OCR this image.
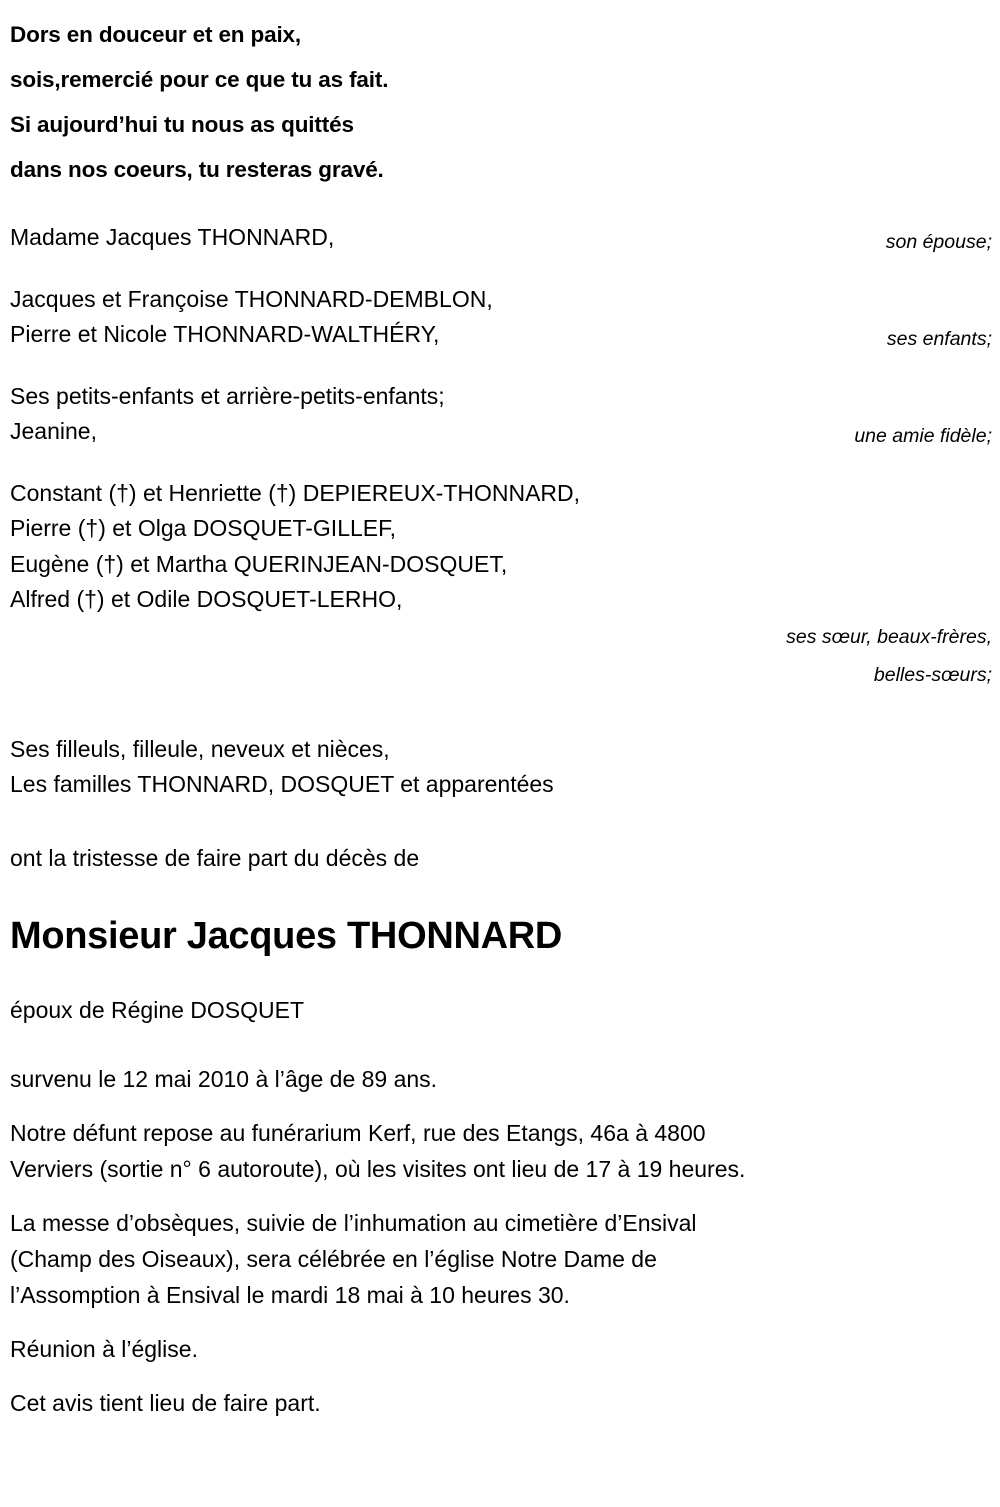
Dors en douceur et en paix,
sois,remercié pour ce que tu as fait.
Si aujourd’hui tu nous as quittés
dans nos coeurs, tu resteras gravé.
Madame Jacques THONNARD,	son épouse;
Jacques et Françoise THONNARD-DEMBLON,
Pierre et Nicole THONNARD-WALTHÉRY,	ses enfants;
Ses petits-enfants et arrière-petits-enfants;
Jeanine,	une amie fidèle;
Constant (†) et Henriette (†) DEPIEREUX-THONNARD,
Pierre (†) et Olga DOSQUET-GILLEF,
Eugène (†) et Martha QUERINJEAN-DOSQUET,
Alfred (†) et Odile DOSQUET-LERHO,
ses sœur, beaux-frères, belles-sœurs;
Ses filleuls, filleule, neveux et nièces,
Les familles THONNARD, DOSQUET et apparentées
ont la tristesse de faire part du décès de
Monsieur Jacques THONNARD
époux de Régine DOSQUET
survenu le 12 mai 2010 à l’âge de 89 ans.
Notre défunt repose au funérarium Kerf, rue des Etangs, 46a à 4800
Verviers (sortie n° 6 autoroute), où les visites ont lieu de 17 à 19 heures.
La messe d’obsèques, suivie de l’inhumation au cimetière d’Ensival
(Champ des Oiseaux), sera célébrée en l’église Notre Dame de
l’Assomption à Ensival le mardi 18 mai à 10 heures 30.
Réunion à l’église.
Cet avis tient lieu de faire part.
